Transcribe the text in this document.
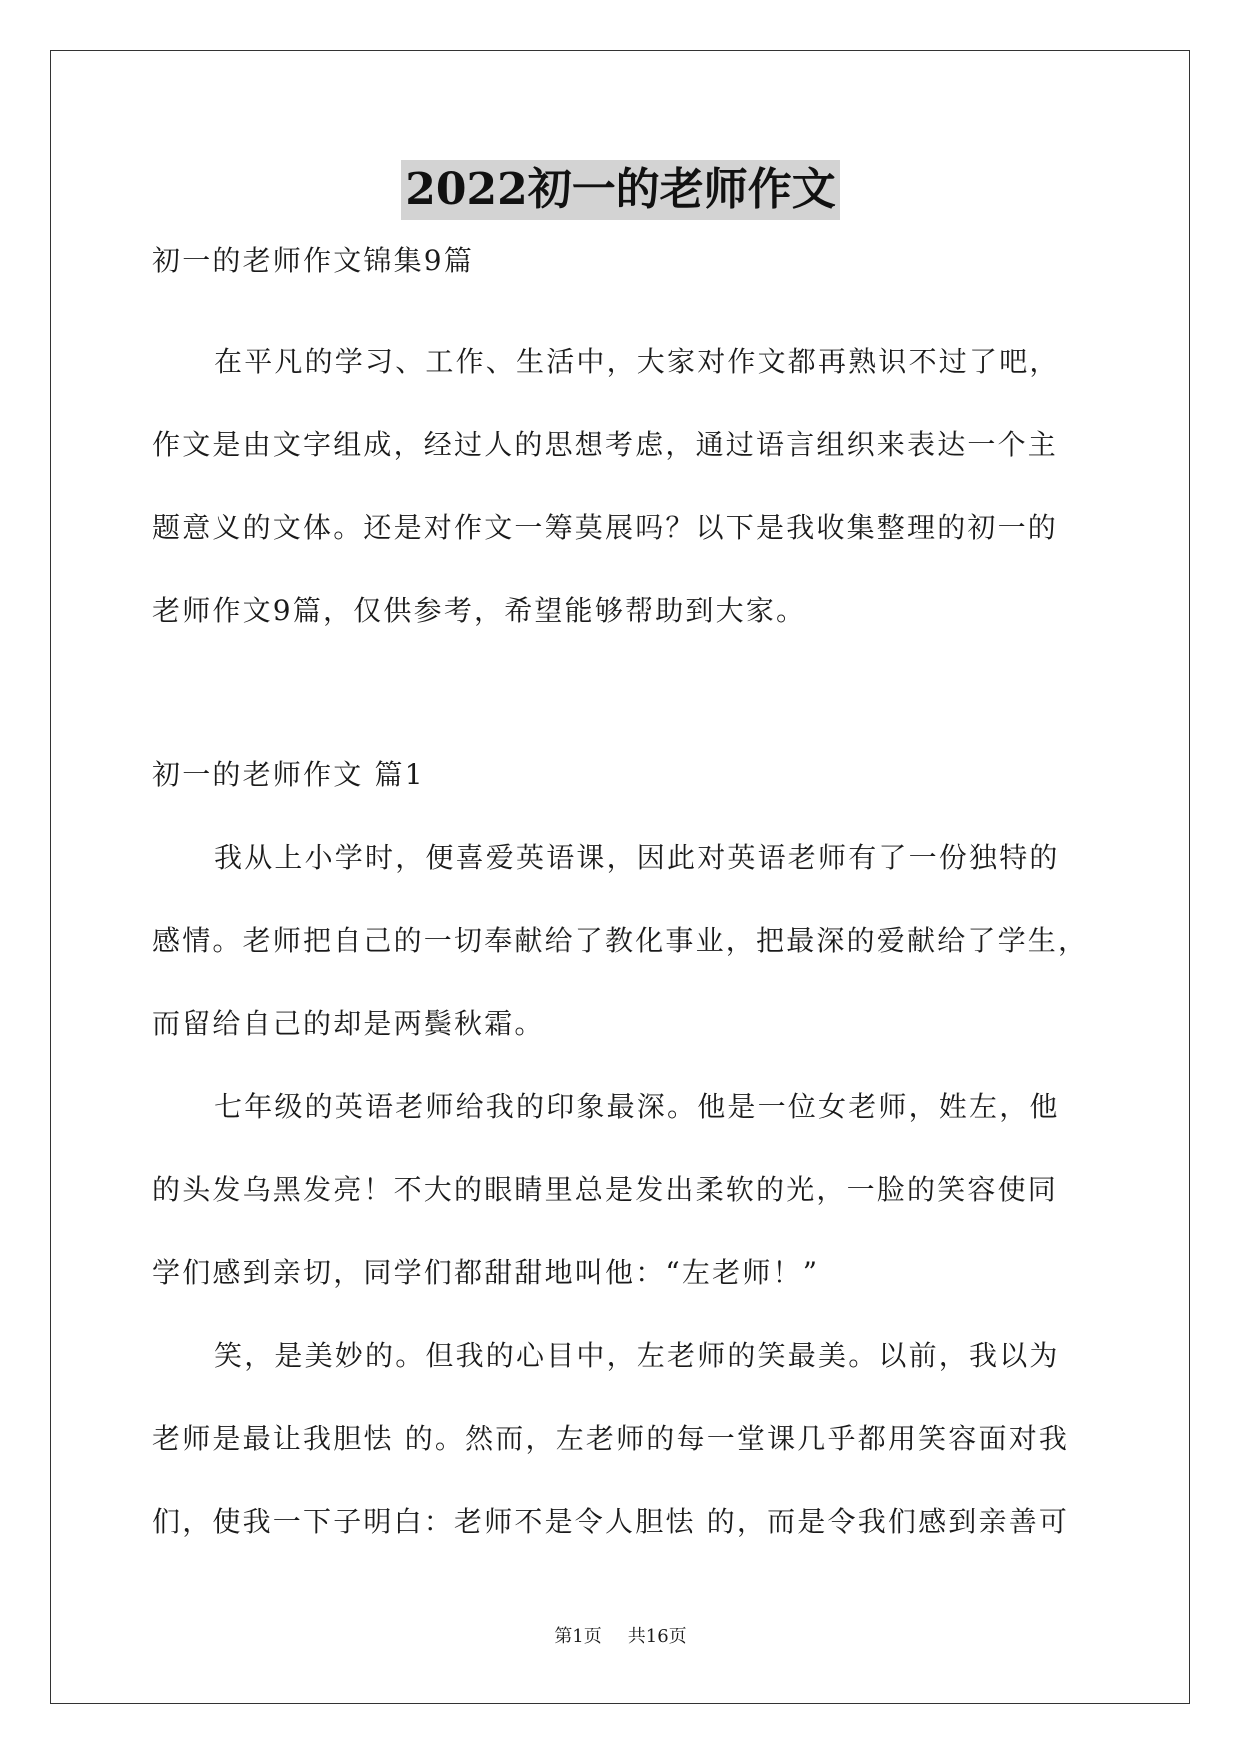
2022初一的老师作文
初一的老师作文锦集9篇
在平凡的学习、工作、生活中，大家对作文都再熟识不过了吧，
作文是由文字组成，经过人的思想考虑，通过语言组织来表达一个主
题意义的文体。还是对作文一筹莫展吗？以下是我收集整理的初一的
老师作文9篇，仅供参考，希望能够帮助到大家。
初一的老师作文 篇1
我从上小学时，便喜爱英语课，因此对英语老师有了一份独特的
感情。老师把自己的一切奉献给了教化事业，把最深的爱献给了学生，
而留给自己的却是两鬓秋霜。
七年级的英语老师给我的印象最深。他是一位女老师，姓左，他
的头发乌黑发亮！不大的眼睛里总是发出柔软的光，一脸的笑容使同
学们感到亲切，同学们都甜甜地叫他：“左老师！”
笑，是美妙的。但我的心目中，左老师的笑最美。以前，我以为
老师是最让我胆怯 的。然而，左老师的每一堂课几乎都用笑容面对我
们，使我一下子明白：老师不是令人胆怯 的，而是令我们感到亲善可
第1页 共16页
